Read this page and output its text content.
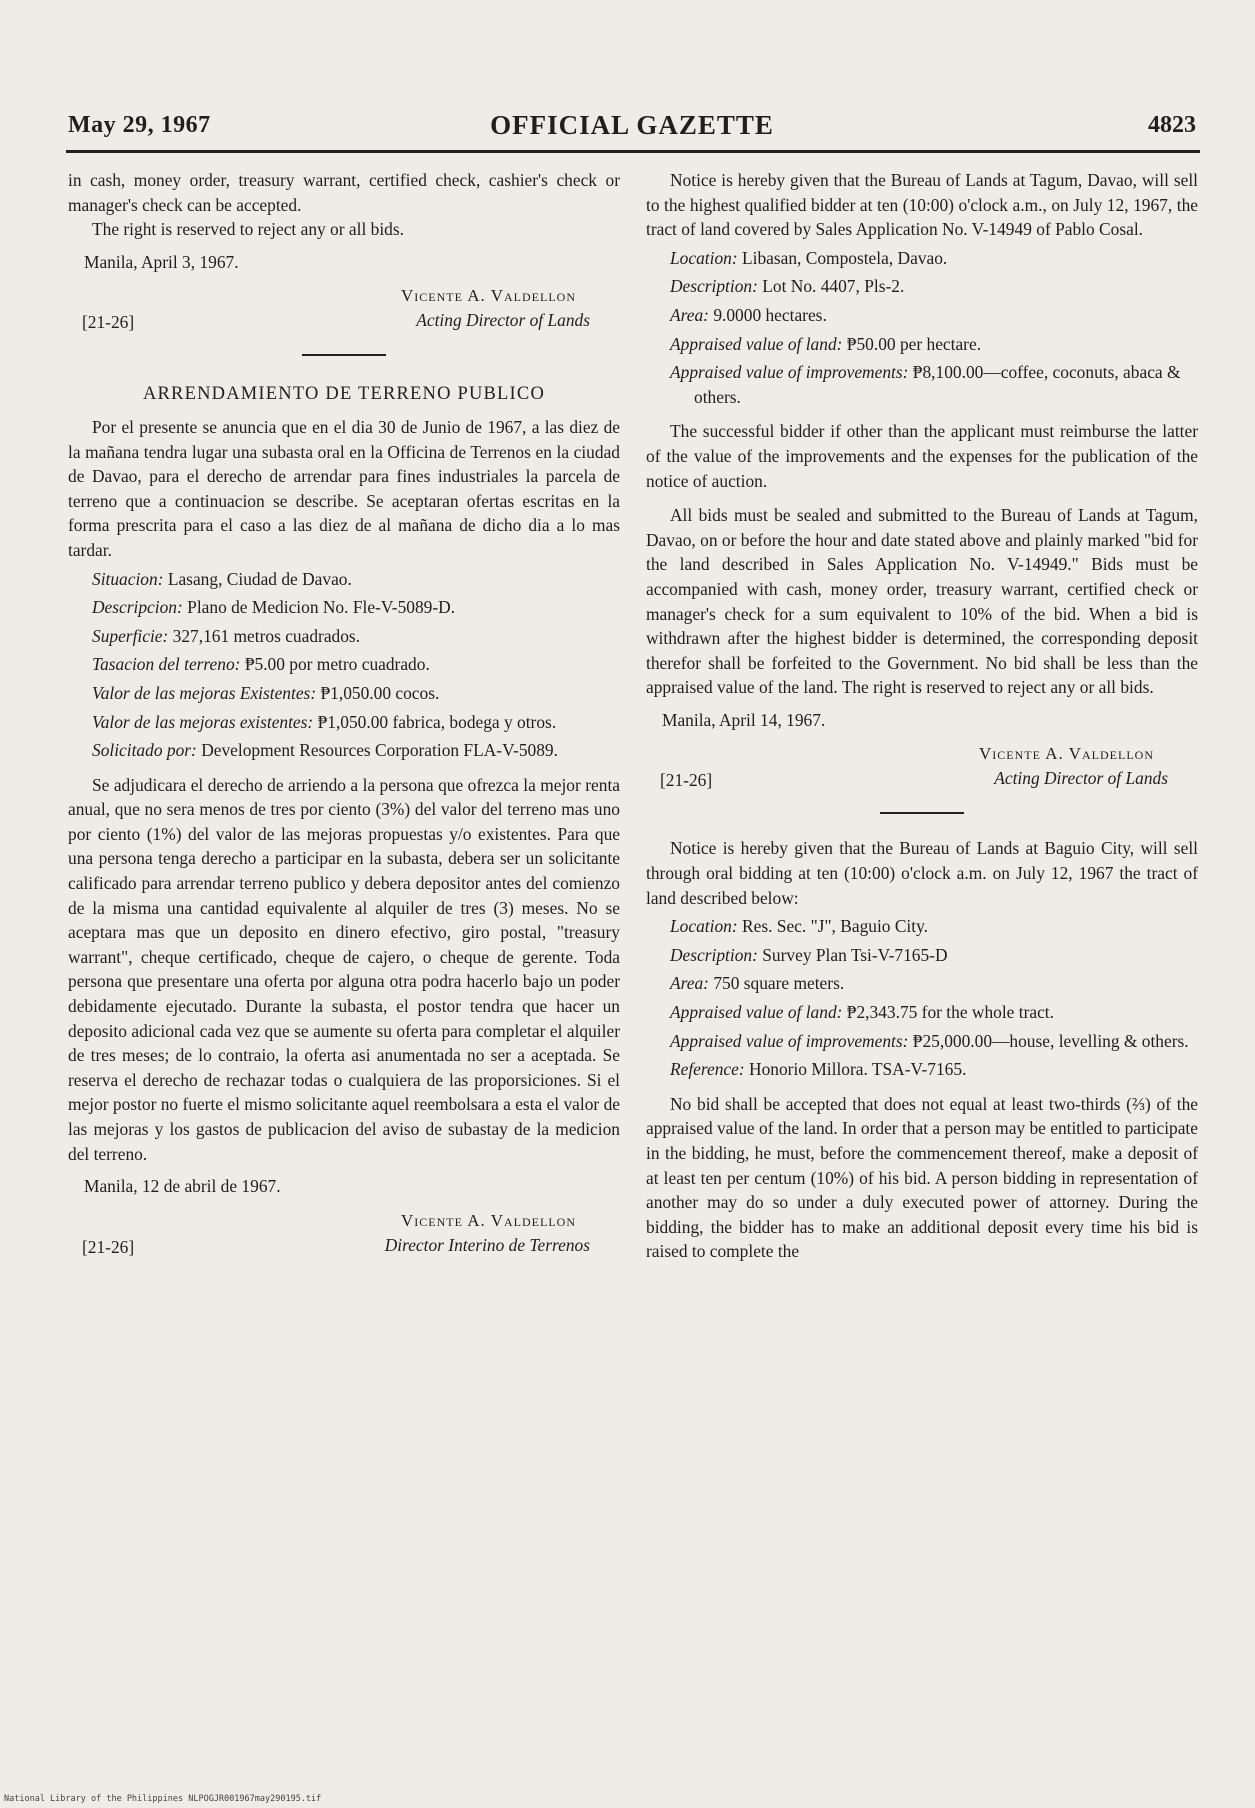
May 29, 1967	OFFICIAL GAZETTE	4823

in cash, money order, treasury warrant, certified check, cashier's check or manager's check can be accepted.

The right is reserved to reject any or all bids.

Manila, April 3, 1967.

Vicente A. Valdellon
Acting Director of Lands
[21-26]
ARRENDAMIENTO DE TERRENO PUBLICO

Por el presente se anuncia que en el dia 30 de Junio de 1967, a las diez de la mañana tendra lugar una subasta oral en la Officina de Terrenos en la ciudad de Davao, para el derecho de arrendar para fines industriales la parcela de terreno que a continuacion se describe. Se aceptaran ofertas escritas en la forma prescrita para el caso a las diez de al mañana de dicho dia a lo mas tardar.

Situacion: Lasang, Ciudad de Davao.

Descripcion: Plano de Medicion No. Fle-V-5089-D.

Superficie: 327,161 metros cuadrados.

Tasacion del terreno: ₱5.00 por metro cuadrado.

Valor de las mejoras Existentes: ₱1,050.00 cocos.

Valor de las mejoras existentes: ₱1,050.00 fabrica, bodega y otros.

Solicitado por: Development Resources Corporation FLA-V-5089.

Se adjudicara el derecho de arriendo a la persona que ofrezca la mejor renta anual, que no sera menos de tres por ciento (3%) del valor del terreno mas uno por ciento (1%) del valor de las mejoras propuestas y/o existentes. Para que una persona tenga derecho a participar en la subasta, debera ser un solicitante calificado para arrendar terreno publico y debera depositor antes del comienzo de la misma una cantidad equivalente al alquiler de tres (3) meses. No se aceptara mas que un deposito en dinero efectivo, giro postal, "treasury warrant", cheque certificado, cheque de cajero, o cheque de gerente. Toda persona que presentare una oferta por alguna otra podra hacerlo bajo un poder debidamente ejecutado. Durante la subasta, el postor tendra que hacer un deposito adicional cada vez que se aumente su oferta para completar el alquiler de tres meses; de lo contraio, la oferta asi anumentada no ser a aceptada. Se reserva el derecho de rechazar todas o cualquiera de las proporsiciones. Si el mejor postor no fuerte el mismo solicitante aquel reembolsara a esta el valor de las mejoras y los gastos de publicacion del aviso de subastay de la medicion del terreno.

Manila, 12 de abril de 1967.

Vicente A. Valdellon
Director Interino de Terrenos
[21-26]

Notice is hereby given that the Bureau of Lands at Tagum, Davao, will sell to the highest qualified bidder at ten (10:00) o'clock a.m., on July 12, 1967, the tract of land covered by Sales Application No. V-14949 of Pablo Cosal.

Location: Libasan, Compostela, Davao.

Description: Lot No. 4407, Pls-2.

Area: 9.0000 hectares.

Appraised value of land: ₱50.00 per hectare.

Appraised value of improvements: ₱8,100.00—coffee, coconuts, abaca & others.

The successful bidder if other than the applicant must reimburse the latter of the value of the improvements and the expenses for the publication of the notice of auction.

All bids must be sealed and submitted to the Bureau of Lands at Tagum, Davao, on or before the hour and date stated above and plainly marked "bid for the land described in Sales Application No. V-14949." Bids must be accompanied with cash, money order, treasury warrant, certified check or manager's check for a sum equivalent to 10% of the bid. When a bid is withdrawn after the highest bidder is determined, the corresponding deposit therefor shall be forfeited to the Government. No bid shall be less than the appraised value of the land. The right is reserved to reject any or all bids.

Manila, April 14, 1967.

Vicente A. Valdellon
Acting Director of Lands
[21-26]

Notice is hereby given that the Bureau of Lands at Baguio City, will sell through oral bidding at ten (10:00) o'clock a.m. on July 12, 1967 the tract of land described below:

Location: Res. Sec. "J", Baguio City.

Description: Survey Plan Tsi-V-7165-D

Area: 750 square meters.

Appraised value of land: ₱2,343.75 for the whole tract.

Appraised value of improvements: ₱25,000.00—house, levelling & others.

Reference: Honorio Millora. TSA-V-7165.

No bid shall be accepted that does not equal at least two-thirds (⅔) of the appraised value of the land. In order that a person may be entitled to participate in the bidding, he must, before the commencement thereof, make a deposit of at least ten per centum (10%) of his bid. A person bidding in representation of another may do so under a duly executed power of attorney. During the bidding, the bidder has to make an additional deposit every time his bid is raised to complete the

National Library of the Philippines NLPOGJR001967may290195.tif
